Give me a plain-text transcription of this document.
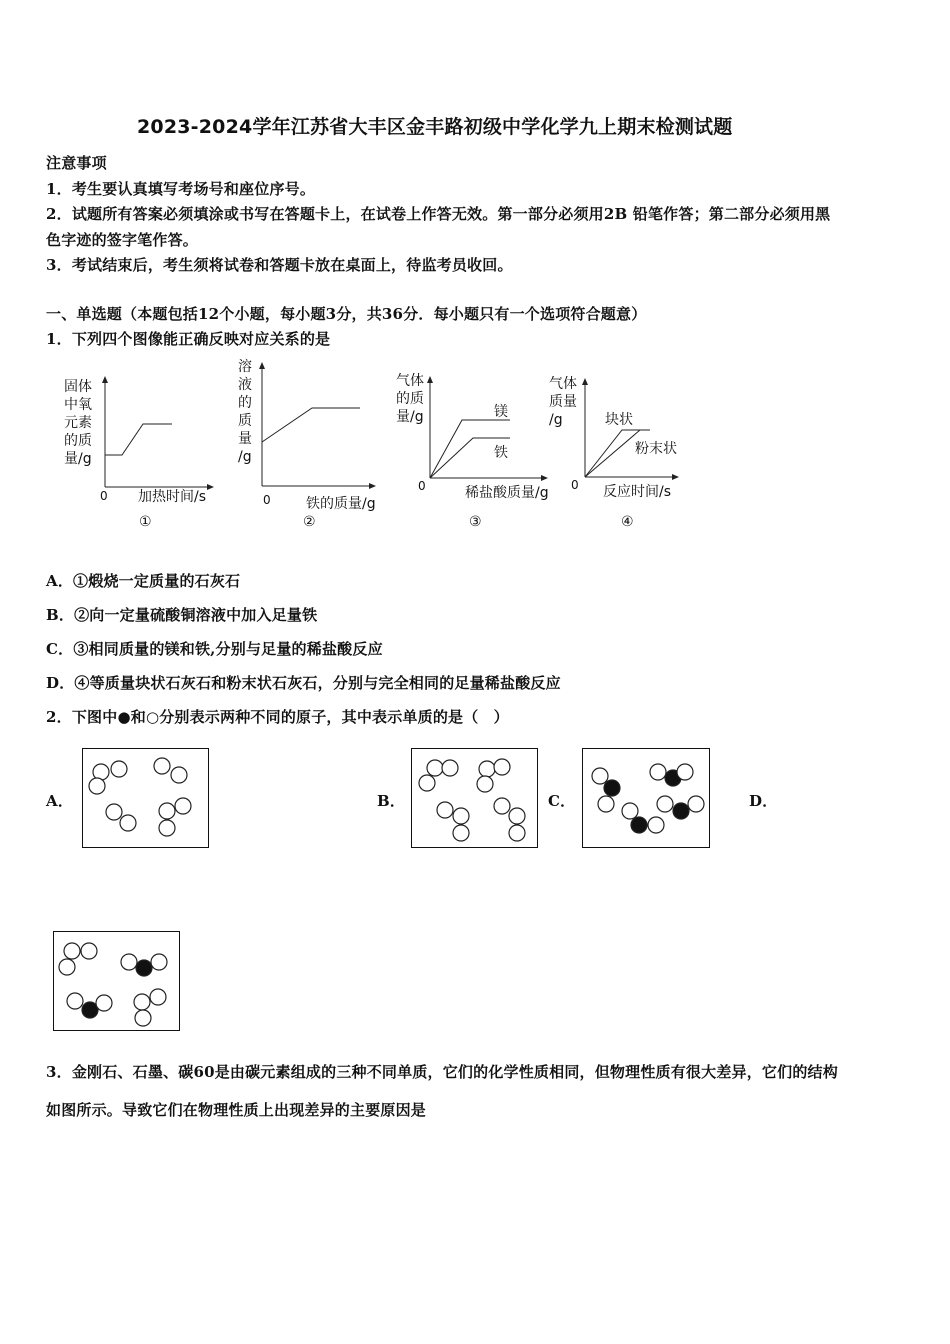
2023-2024学年江苏省大丰区金丰路初级中学化学九上期末检测试题
注意事项
1．考生要认真填写考场号和座位序号。
2．试题所有答案必须填涂或书写在答题卡上，在试卷上作答无效。第一部分必须用2B 铅笔作答；第二部分必须用黑
色字迹的签字笔作答。
3．考试结束后，考生须将试卷和答题卡放在桌面上，待监考员收回。
一、单选题（本题包括12个小题，每小题3分，共36分．每小题只有一个选项符合题意）
1．下列四个图像能正确反映对应关系的是
固体
中氧
元素
的质
量/g
0 加热时间/s
①
溶
液
的
质
量
/g
0	铁的质量/g
②
气体
的质
量/g	镁
铁
0	稀盐酸质量/g
③
气体
质量
/g	块状
粉末状
0 反应时间/s
④
A．①煅烧一定质量的石灰石
B．②向一定量硫酸铜溶液中加入足量铁
C．③相同质量的镁和铁,分别与足量的稀盐酸反应
D．④等质量块状石灰石和粉末状石灰石，分别与完全相同的足量稀盐酸反应
2．下图中●和○分别表示两种不同的原子，其中表示单质的是（　）
A．	B．	C．	D．
3．金刚石、石墨、碳60是由碳元素组成的三种不同单质，它们的化学性质相同，但物理性质有很大差异，它们的结构
如图所示。导致它们在物理性质上出现差异的主要原因是
